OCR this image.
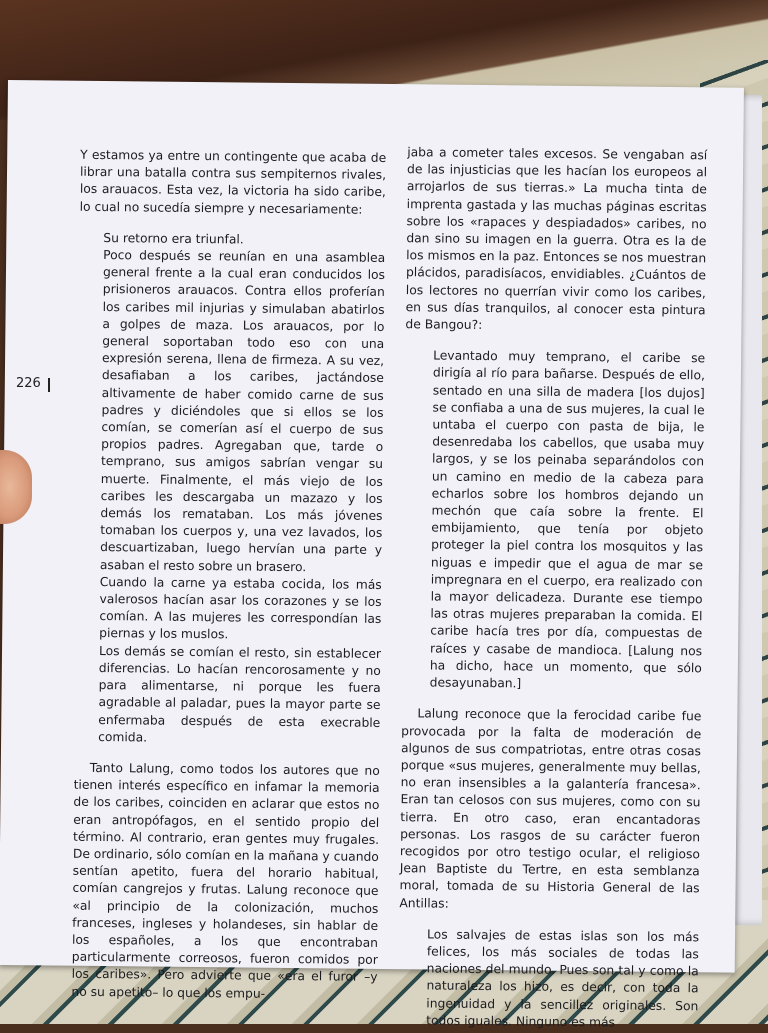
Y estamos ya entre un contingente que acaba de librar una batalla contra sus sempiternos rivales, los arauacos. Esta vez, la victoria ha sido caribe, lo cual no sucedía siempre y necesariamente:

Su retorno era triunfal.

Poco después se reunían en una asamblea general frente a la cual eran conducidos los prisioneros arauacos. Contra ellos proferían los caribes mil injurias y simulaban abatirlos a golpes de maza. Los arauacos, por lo general soportaban todo eso con una expresión serena, llena de firmeza. A su vez, desafiaban a los caribes, jactándose altivamente de haber comido carne de sus padres y diciéndoles que si ellos se los comían, se comerían así el cuerpo de sus propios padres. Agregaban que, tarde o temprano, sus amigos sabrían vengar su muerte. Finalmente, el más viejo de los caribes les descargaba un mazazo y los demás los remataban. Los más jóvenes tomaban los cuerpos y, una vez lavados, los descuartizaban, luego hervían una parte y asaban el resto sobre un brasero.

Cuando la carne ya estaba cocida, los más valerosos hacían asar los corazones y se los comían. A las mujeres les correspondían las piernas y los muslos.

Los demás se comían el resto, sin establecer diferencias. Lo hacían rencorosamente y no para alimentarse, ni porque les fuera agradable al paladar, pues la mayor parte se enfermaba después de esta execrable comida.

Tanto Lalung, como todos los autores que no tienen interés específico en infamar la memoria de los caribes, coinciden en aclarar que estos no eran antropófagos, en el sentido propio del término. Al contrario, eran gentes muy frugales. De ordinario, sólo comían en la mañana y cuando sentían apetito, fuera del horario habitual, comían cangrejos y frutas. Lalung reconoce que «al principio de la colonización, muchos franceses, ingleses y holandeses, sin hablar de los españoles, a los que encontraban particularmente correosos, fueron comidos por los caribes». Pero advierte que «era el furor –y no su apetito– lo que los empu-

jaba a cometer tales excesos. Se vengaban así de las injusticias que les hacían los europeos al arrojarlos de sus tierras.» La mucha tinta de imprenta gastada y las muchas páginas escritas sobre los «rapaces y despiadados» caribes, no dan sino su imagen en la guerra. Otra es la de los mismos en la paz. Entonces se nos muestran plácidos, paradisíacos, envidiables. ¿Cuántos de los lectores no querrían vivir como los caribes, en sus días tranquilos, al conocer esta pintura de Bangou?:

Levantado muy temprano, el caribe se dirigía al río para bañarse. Después de ello, sentado en una silla de madera [los dujos] se confiaba a una de sus mujeres, la cual le untaba el cuerpo con pasta de bija, le desenredaba los cabellos, que usaba muy largos, y se los peinaba separándolos con un camino en medio de la cabeza para echarlos sobre los hombros dejando un mechón que caía sobre la frente. El embijamiento, que tenía por objeto proteger la piel contra los mosquitos y las niguas e impedir que el agua de mar se impregnara en el cuerpo, era realizado con la mayor delicadeza. Durante ese tiempo las otras mujeres preparaban la comida. El caribe hacía tres por día, compuestas de raíces y casabe de mandioca. [Lalung nos ha dicho, hace un momento, que sólo desayunaban.]

Lalung reconoce que la ferocidad caribe fue provocada por la falta de moderación de algunos de sus compatriotas, entre otras cosas porque «sus mujeres, generalmente muy bellas, no eran insensibles a la galantería francesa». Eran tan celosos con sus mujeres, como con su tierra. En otro caso, eran encantadoras personas. Los rasgos de su carácter fueron recogidos por otro testigo ocular, el religioso Jean Baptiste du Tertre, en esta semblanza moral, tomada de su Historia General de las Antillas:

Los salvajes de estas islas son los más felices, los más sociales de todas las naciones del mundo. Pues son tal y como la naturaleza los hizo, es decir, con toda la ingenuidad y la sencillez originales. Son todos iguales. Ninguno es más

226
